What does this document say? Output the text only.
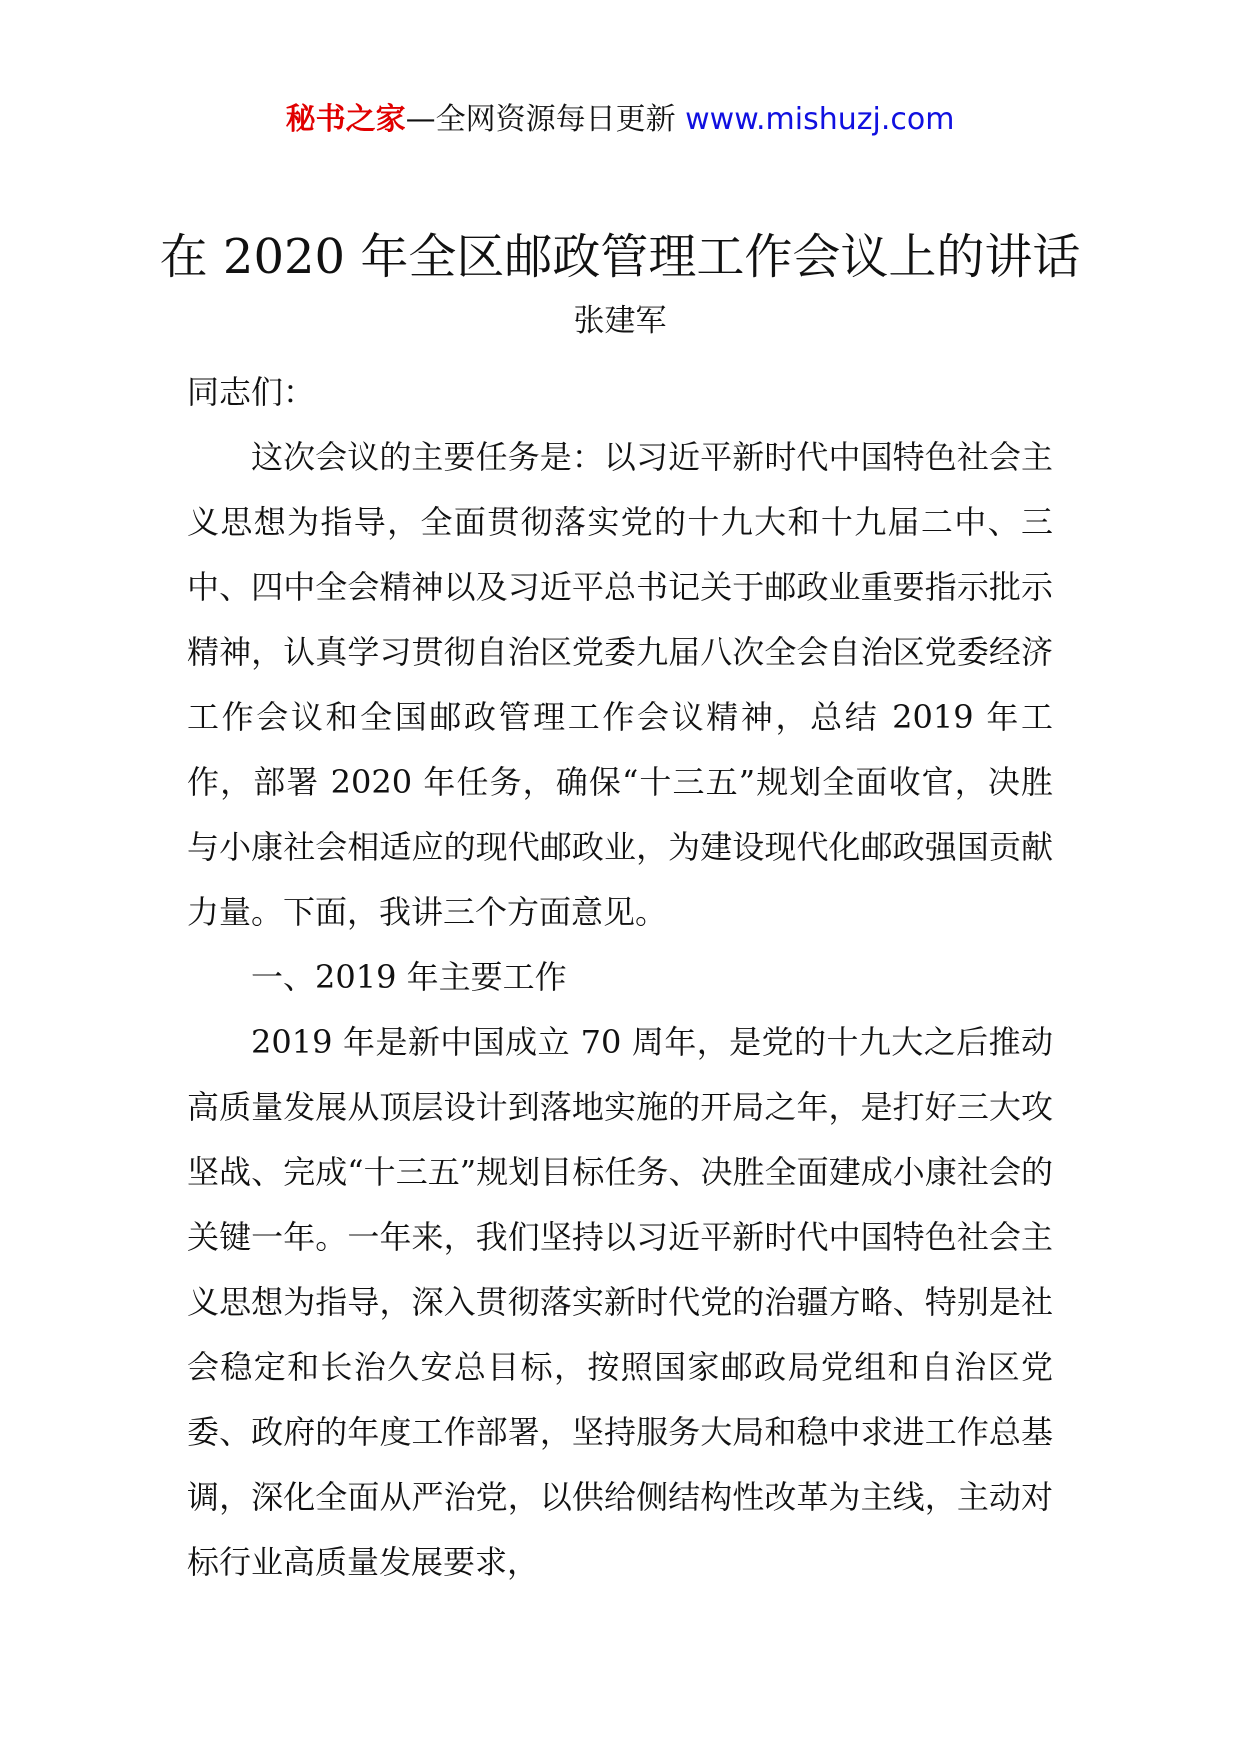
秘书之家—全网资源每日更新 www.mishuzj.com
在 2020 年全区邮政管理工作会议上的讲话
张建军

同志们：

这次会议的主要任务是：以习近平新时代中国特色社会主义思想为指导，全面贯彻落实党的十九大和十九届二中、三中、四中全会精神以及习近平总书记关于邮政业重要指示批示精神，认真学习贯彻自治区党委九届八次全会自治区党委经济工作会议和全国邮政管理工作会议精神，总结 2019 年工作，部署 2020 年任务，确保“十三五”规划全面收官，决胜与小康社会相适应的现代邮政业，为建设现代化邮政强国贡献力量。下面，我讲三个方面意见。

一、2019 年主要工作

2019 年是新中国成立 70 周年，是党的十九大之后推动高质量发展从顶层设计到落地实施的开局之年，是打好三大攻坚战、完成“十三五”规划目标任务、决胜全面建成小康社会的关键一年。一年来，我们坚持以习近平新时代中国特色社会主义思想为指导，深入贯彻落实新时代党的治疆方略、特别是社会稳定和长治久安总目标，按照国家邮政局党组和自治区党委、政府的年度工作部署，坚持服务大局和稳中求进工作总基调，深化全面从严治党，以供给侧结构性改革为主线，主动对标行业高质量发展要求，
